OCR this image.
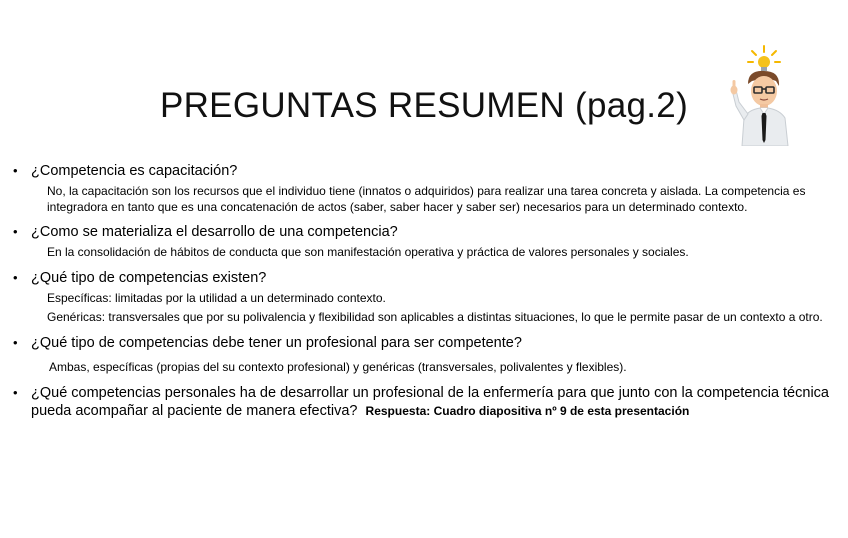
PREGUNTAS RESUMEN (pag.2)
• ¿Competencia es capacitación?
No, la capacitación son los recursos que el individuo tiene (innatos o adquiridos) para realizar una tarea concreta y aislada. La competencia es integradora en tanto que es una concatenación de actos (saber, saber hacer y saber ser) necesarios para un determinado contexto.
• ¿Como se materializa el desarrollo de una competencia?
En la consolidación de hábitos de conducta que son manifestación operativa y práctica de valores personales y sociales.
• ¿Qué tipo de competencias existen?
Específicas: limitadas por la utilidad a un determinado contexto.
Genéricas: transversales que por su polivalencia y flexibilidad son aplicables a distintas situaciones, lo que le permite pasar de un contexto a otro.
• ¿Qué tipo de competencias debe tener un profesional para ser competente?
Ambas, específicas (propias del su contexto profesional) y genéricas (transversales, polivalentes y flexibles).
• ¿Qué competencias personales ha de desarrollar un profesional de la enfermería para que junto con la competencia técnica pueda acompañar al paciente de manera efectiva? Respuesta: Cuadro diapositiva nº 9 de esta presentación
